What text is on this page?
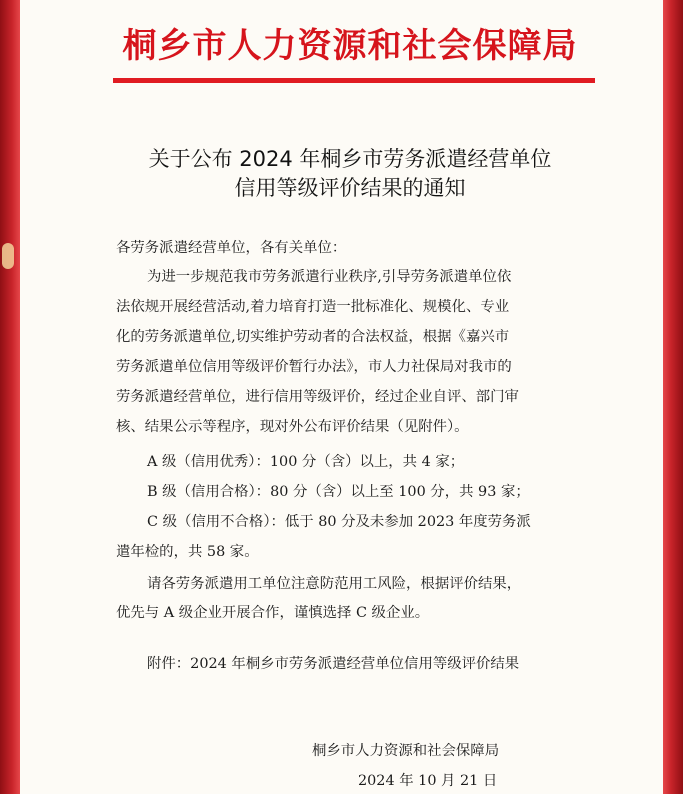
桐乡市人力资源和社会保障局
关于公布 2024 年桐乡市劳务派遣经营单位
信用等级评价结果的通知
各劳务派遣经营单位，各有关单位：
为进一步规范我市劳务派遣行业秩序,引导劳务派遣单位依
法依规开展经营活动,着力培育打造一批标准化、规模化、专业
化的劳务派遣单位,切实维护劳动者的合法权益，根据《嘉兴市
劳务派遣单位信用等级评价暂行办法》，市人力社保局对我市的
劳务派遣经营单位，进行信用等级评价，经过企业自评、部门审
核、结果公示等程序，现对外公布评价结果（见附件）。
A 级（信用优秀）：100 分（含）以上，共 4 家；
B 级（信用合格）：80 分（含）以上至 100 分，共 93 家；
C 级（信用不合格）：低于 80 分及未参加 2023 年度劳务派
遣年检的，共 58 家。
请各劳务派遣用工单位注意防范用工风险，根据评价结果，
优先与 A 级企业开展合作，谨慎选择 C 级企业。
附件：2024 年桐乡市劳务派遣经营单位信用等级评价结果
桐乡市人力资源和社会保障局
2024 年 10 月 21 日
